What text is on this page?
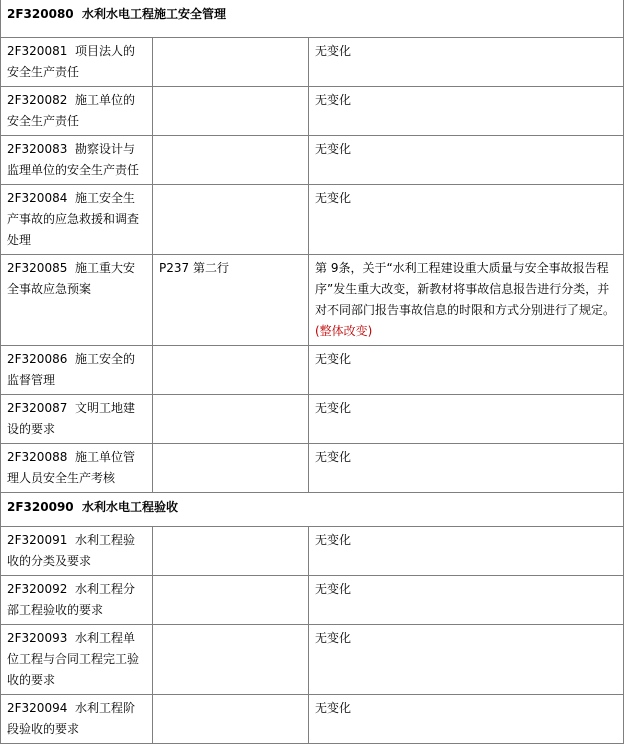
2F320080 水利水电工程施工安全管理		
2F320081 项目法人的安全生产责任		无变化
2F320082 施工单位的安全生产责任		无变化
2F320083 勘察设计与监理单位的安全生产责任		无变化
2F320084 施工安全生产事故的应急救援和调查处理		无变化
2F320085 施工重大安全事故应急预案	P237 第二行	第 9条，关于“水利工程建设重大质量与安全事故报告程序”发生重大改变，新教材将事故信息报告进行分类，并对不同部门报告事故信息的时限和方式分别进行了规定。
(整体改变)
2F320086 施工安全的监督管理		无变化
2F320087 文明工地建设的要求		无变化
2F320088 施工单位管理人员安全生产考核		无变化
2F320090 水利水电工程验收		
2F320091 水利工程验收的分类及要求		无变化
2F320092 水利工程分部工程验收的要求		无变化
2F320093 水利工程单位工程与合同工程完工验收的要求		无变化
2F320094 水利工程阶段验收的要求		无变化
